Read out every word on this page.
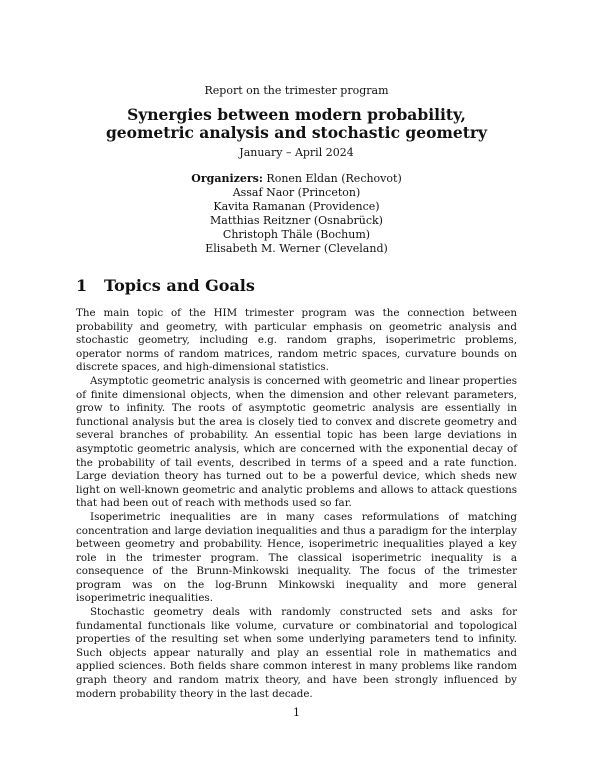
Report on the trimester program
Synergies between modern probability,
geometric analysis and stochastic geometry
January – April 2024
Organizers: Ronen Eldan (Rechovot)
Assaf Naor (Princeton)
Kavita Ramanan (Providence)
Matthias Reitzner (Osnabrück)
Christoph Thäle (Bochum)
Elisabeth M. Werner (Cleveland)
1 Topics and Goals

The main topic of the HIM trimester program was the connection between probability and geometry, with particular emphasis on geometric analysis and stochastic geometry, including e.g. random graphs, isoperimetric problems, operator norms of random matrices, random metric spaces, curvature bounds on discrete spaces, and high-dimensional statistics.

Asymptotic geometric analysis is concerned with geometric and linear properties of finite dimensional objects, when the dimension and other relevant parameters, grow to infinity. The roots of asymptotic geometric analysis are essentially in functional analysis but the area is closely tied to convex and discrete geometry and several branches of probability. An essential topic has been large deviations in asymptotic geometric analysis, which are concerned with the exponential decay of the probability of tail events, described in terms of a speed and a rate function. Large deviation theory has turned out to be a powerful device, which sheds new light on well-known geometric and analytic problems and allows to attack questions that had been out of reach with methods used so far.

Isoperimetric inequalities are in many cases reformulations of matching concentration and large deviation inequalities and thus a paradigm for the interplay between geometry and probability. Hence, isoperimetric inequalities played a key role in the trimester program. The classical isoperimetric inequality is a consequence of the Brunn-Minkowski inequality. The focus of the trimester program was on the log-Brunn Minkowski inequality and more general isoperimetric inequalities.

Stochastic geometry deals with randomly constructed sets and asks for fundamental functionals like volume, curvature or combinatorial and topological properties of the resulting set when some underlying parameters tend to infinity. Such objects appear naturally and play an essential role in mathematics and applied sciences. Both fields share common interest in many problems like random graph theory and random matrix theory, and have been strongly influenced by modern probability theory in the last decade.

1
